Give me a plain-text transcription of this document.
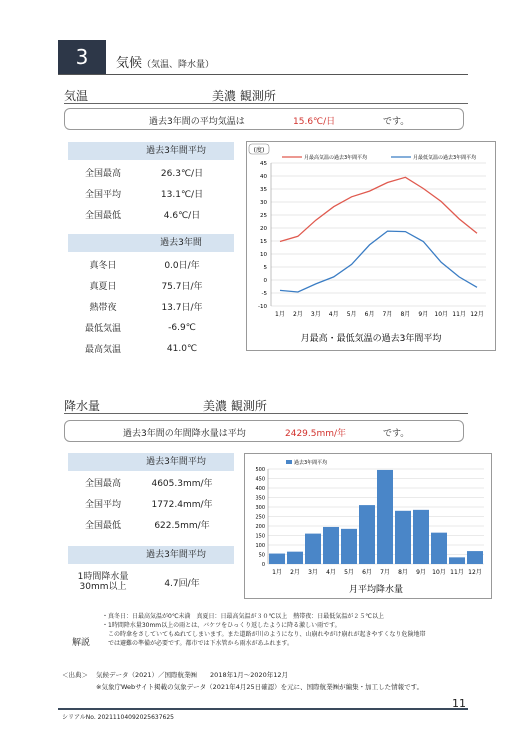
3	気候（気温、降水量）
気温	美濃 観測所
過去3年間の平均気温は	15.6℃/日	です。
過去3年間平均
全国最高	26.3℃/日
全国平均	13.1℃/日
全国最低	4.6℃/日
過去3年間
真冬日	0.0日/年
真夏日	75.7日/年
熱帯夜	13.7日/年
最低気温	-6.9℃
最高気温	41.0℃
(度)
月最高気温の過去3年間平均	月最低気温の過去3年間平均
45
40
35
30
25
20
15
10
5
0
-5
-10
1月 2月 3月 4月 5月 6月 7月 8月 9月 10月 11月 12月
月最高・最低気温の過去3年間平均
降水量	美濃 観測所
過去3年間の年間降水量は平均	2429.5mm/年	です。
過去3年間平均
全国最高	4605.3mm/年
全国平均	1772.4mm/年
全国最低	622.5mm/年
過去3年間平均
1時間降水量
30mm以上	4.7回/年
過去3年間平均
500
450
400
350
300
250
200
150
100
50
0
1月 2月 3月 4月 5月 6月 7月 8月 9月 10月 11月 12月
月平均降水量
解説
・真冬日：日最高気温が0℃未満　真夏日：日最高気温が３０℃以上　熱帯夜：日最低気温が２５℃以上
・1時間降水量30mm以上の雨とは、バケツをひっくり返したように降る激しい雨です。
　この時傘をさしていてもぬれてしまいます。また道路が川のようになり、山崩れやがけ崩れが起きやすくなり危険地帯
　では避難の準備が必要です。都市では下水管から雨水があふれます。
＜出典＞ 気候データ（2021）／国際航業㈱　　2018年1月～2020年12月
※気象庁Webサイト掲載の気象データ（2021年4月25日確認）を元に、国際航業㈱が編集・加工した情報です。
シリアルNo. 20211104092025637625
11
